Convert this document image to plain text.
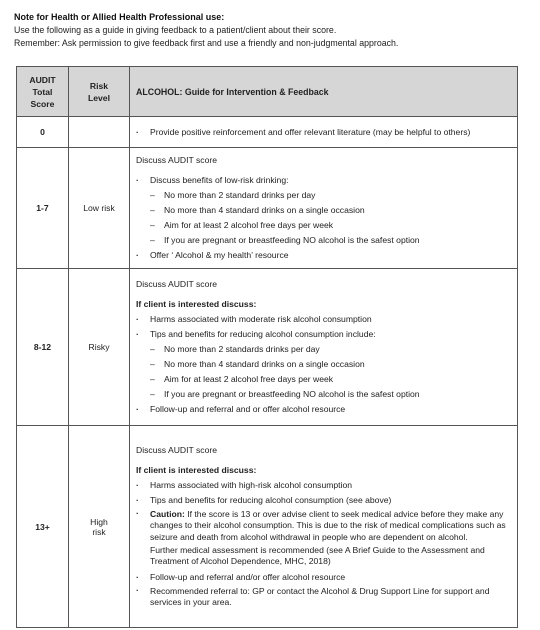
Note for Health or Allied Health Professional use:
Use the following as a guide in giving feedback to a patient/client about their score.
Remember: Ask permission to give feedback first and use a friendly and non-judgmental approach.
AUDIT
Total
Score
Risk
Level
ALCOHOL: Guide for Intervention & Feedback
0
·	Provide positive reinforcement and offer relevant literature (may be helpful to others)
1-7	Low risk
Discuss AUDIT score
· Discuss benefits of low-risk drinking:
– No more than 2 standard drinks per day
– No more than 4 standard drinks on a single occasion
– Aim for at least 2 alcohol free days per week
– If you are pregnant or breastfeeding NO alcohol is the safest option
· Offer ‘ Alcohol & my health’ resource
8-12	Risky
Discuss AUDIT score
If client is interested discuss:
· Harms associated with moderate risk alcohol consumption
· Tips and benefits for reducing alcohol consumption include:
– No more than 2 standards drinks per day
– No more than 4 standard drinks on a single occasion
– Aim for at least 2 alcohol free days per week
– If you are pregnant or breastfeeding NO alcohol is the safest option
· Follow-up and referral and or offer alcohol resource
13+	High
risk
Discuss AUDIT score
If client is interested discuss:
· Harms associated with high-risk alcohol consumption
· Tips and benefits for reducing alcohol consumption (see above)
· Caution: If the score is 13 or over advise client to seek medical advice before they make any changes to their alcohol consumption. This is due to the risk of medical complications such as seizure and death from alcohol withdrawal in people who are dependent on alcohol.
Further medical assessment is recommended (see A Brief Guide to the Assessment and Treatment of Alcohol Dependence, MHC, 2018)
· Follow-up and referral and/or offer alcohol resource
· Recommended referral to: GP or contact the Alcohol & Drug Support Line for support and services in your area.
